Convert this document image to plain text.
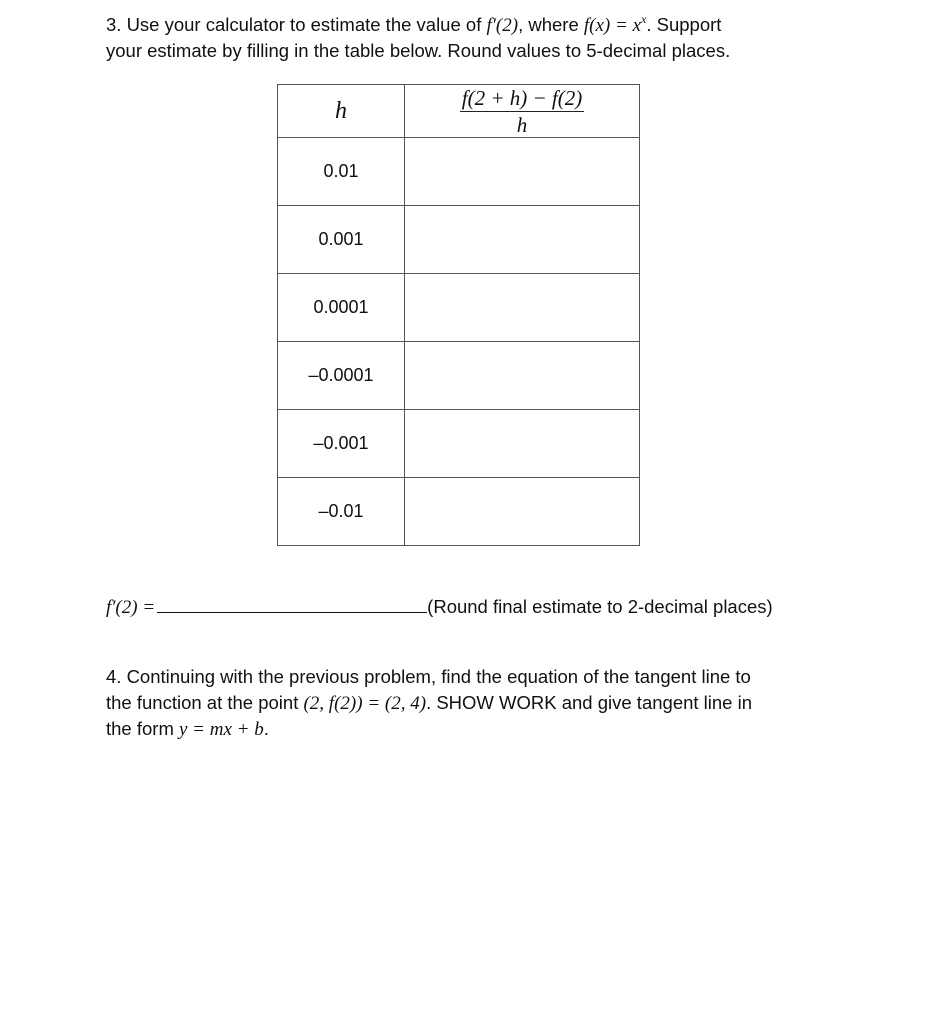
3. Use your calculator to estimate the value of f′(2), where $f(x) = x^x$. Support
your estimate by filling in the table below. Round values to 5-decimal places.
h	$\frac{f(2 + h) - f(2)}{h}$

0.01	
0.001	
0.0001	
–0.0001	
–0.001	
–0.01	
f′(2) =	(Round final estimate to 2-decimal places)
4. Continuing with the previous problem, find the equation of the tangent line to
the function at the point (2, f(2)) = (2, 4). SHOW WORK and give tangent line in
the form y = mx + b.
